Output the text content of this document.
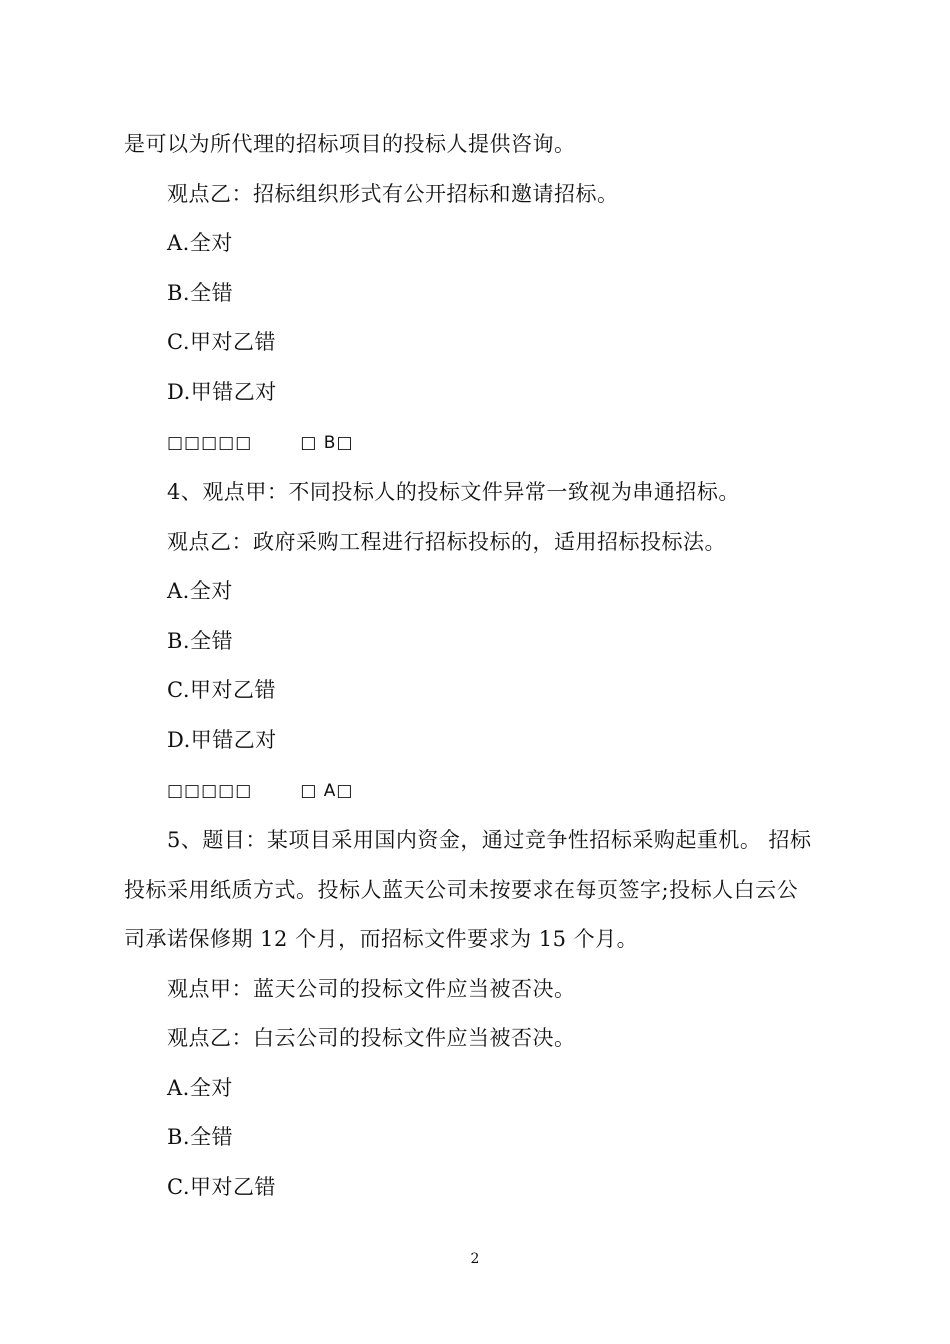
是可以为所代理的招标项目的投标人提供咨询。
观点乙：招标组织形式有公开招标和邀请招标。
A.全对
B.全错
C.甲对乙错
D.甲错乙对
□□□□□	□ B□
4、观点甲：不同投标人的投标文件异常一致视为串通招标。
观点乙：政府采购工程进行招标投标的，适用招标投标法。
A.全对
B.全错
C.甲对乙错
D.甲错乙对
□□□□□	□ A□
5、题目：某项目采用国内资金，通过竞争性招标采购起重机。 招标
投标采用纸质方式。投标人蓝天公司未按要求在每页签字;投标人白云公
司承诺保修期 12 个月，而招标文件要求为 15 个月。
观点甲：蓝天公司的投标文件应当被否决。
观点乙：白云公司的投标文件应当被否决。
A.全对
B.全错
C.甲对乙错
2
